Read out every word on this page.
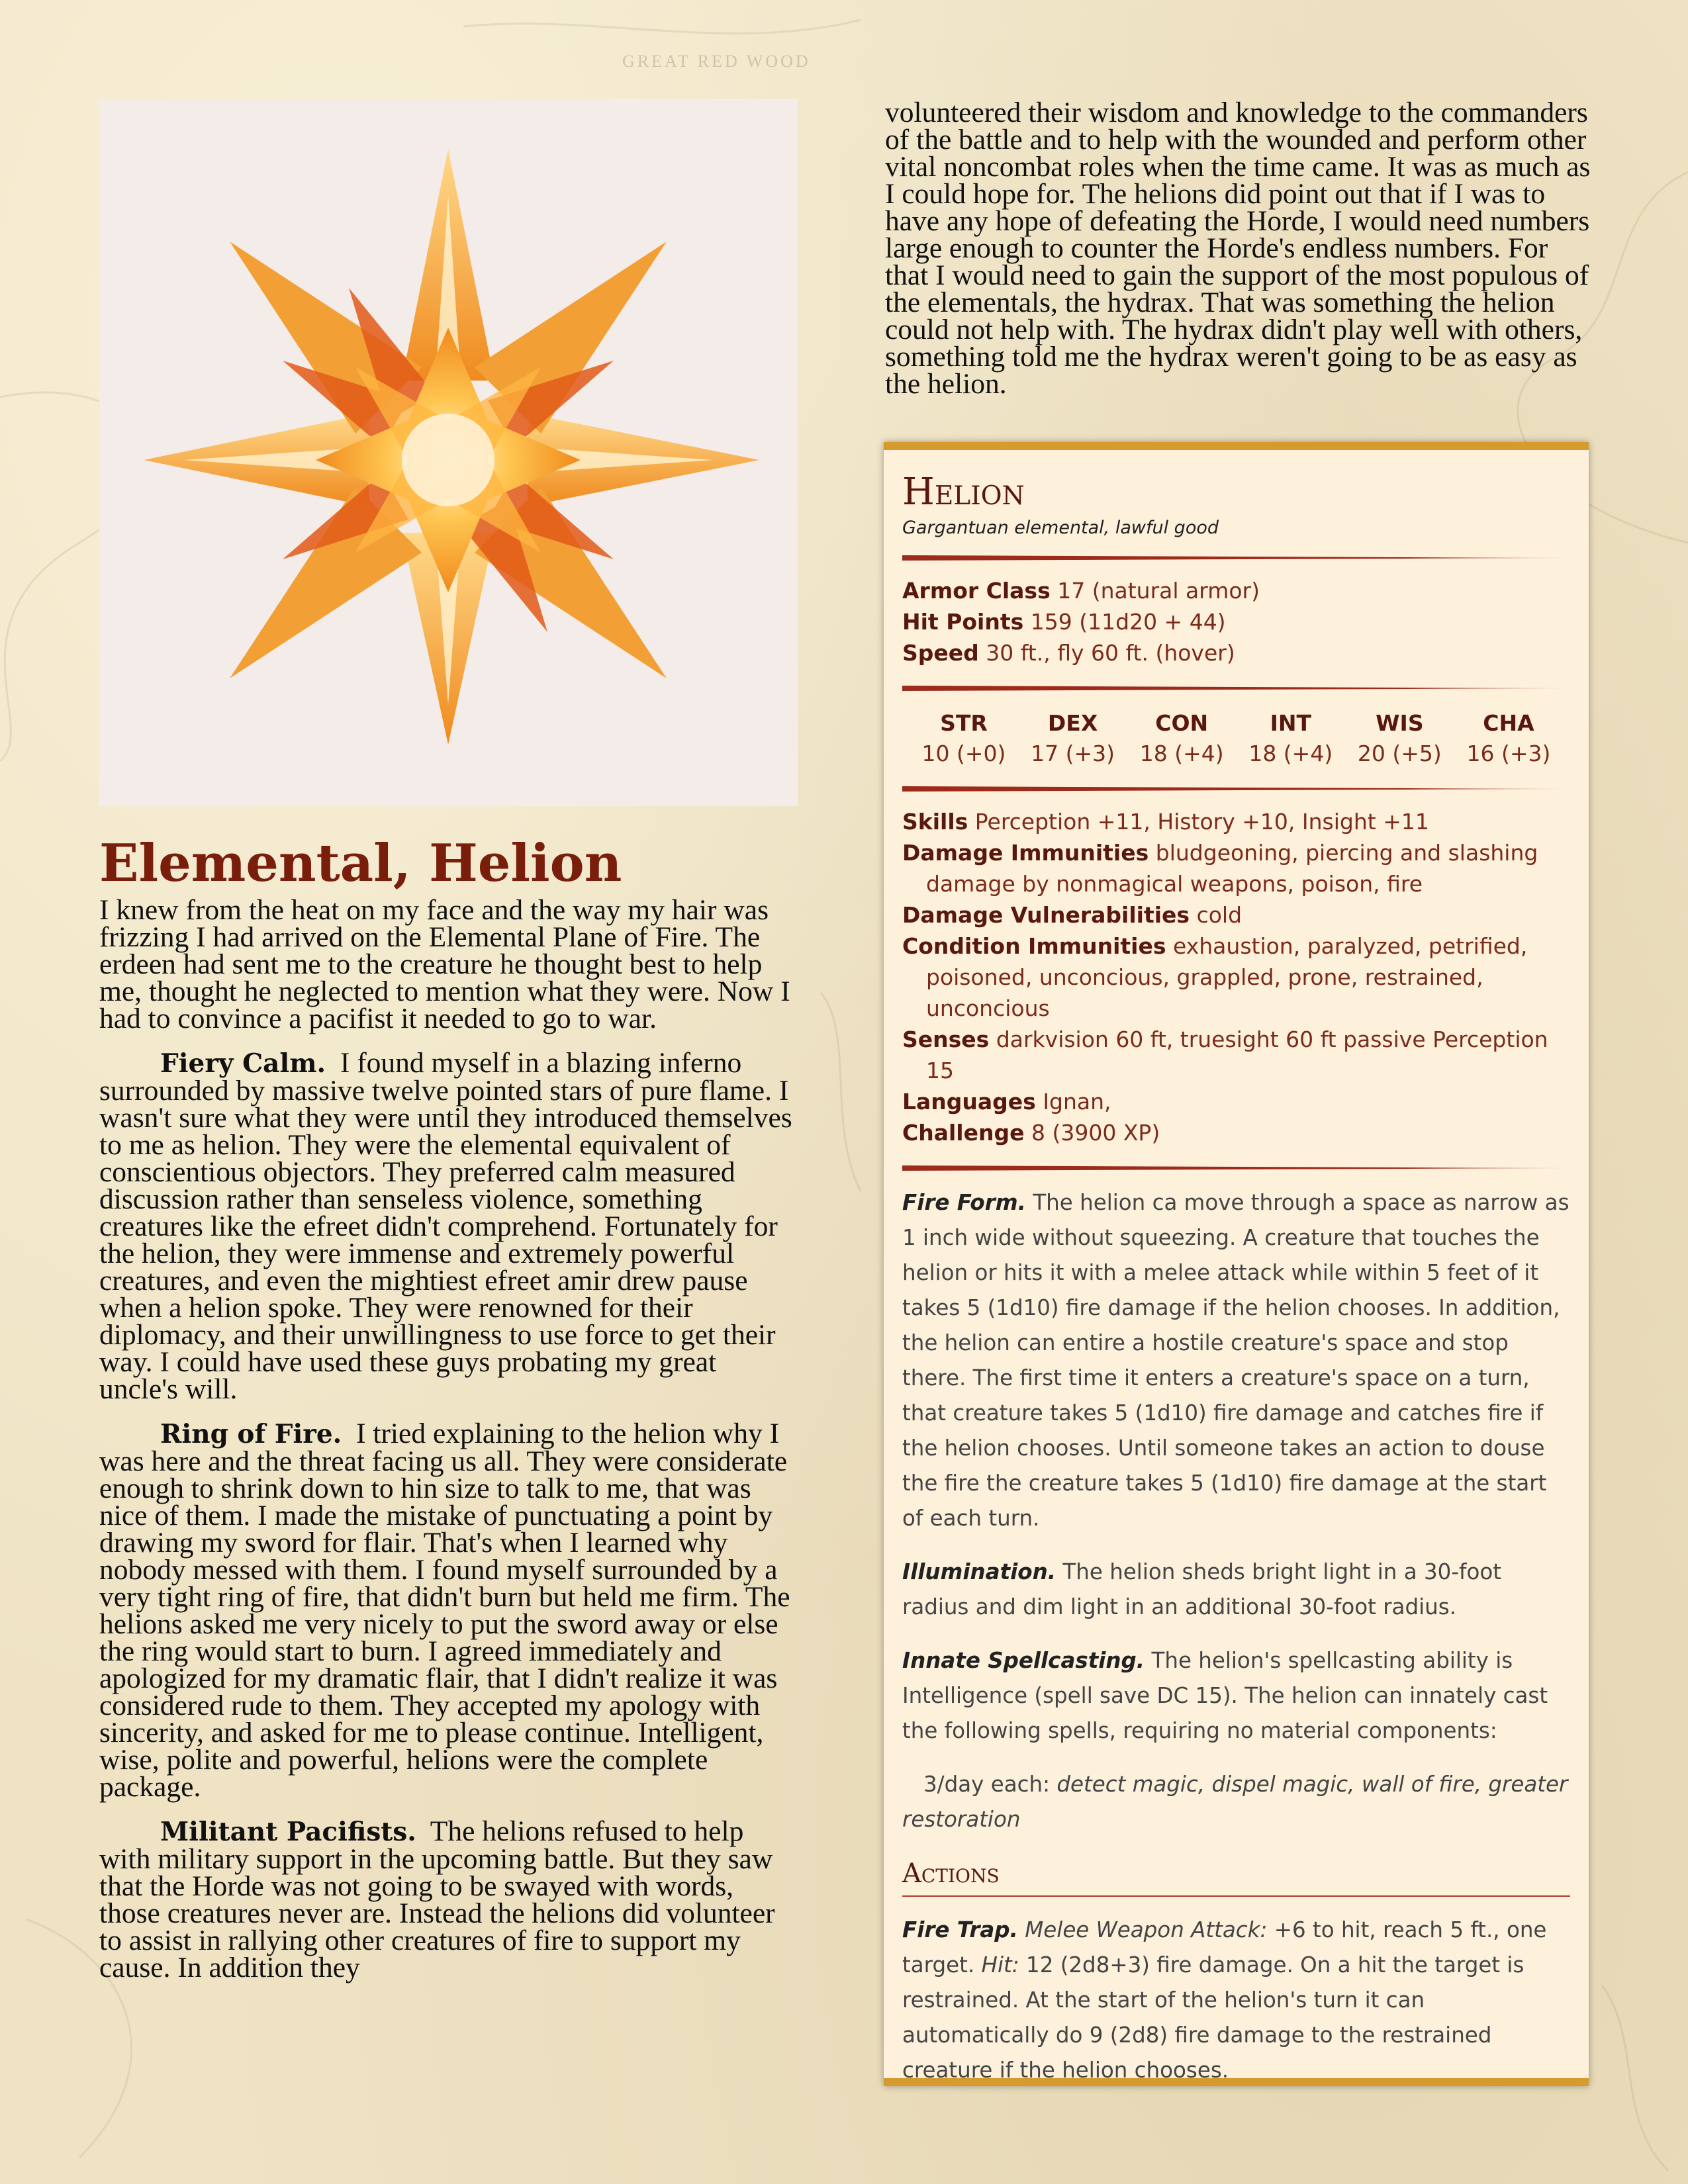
GREAT RED WOOD
Elemental, Helion

I knew from the heat on my face and the way my hair was frizzing I had arrived on the Elemental Plane of Fire. The erdeen had sent me to the creature he thought best to help me, thought he neglected to mention what they were. Now I had to convince a pacifist it needed to go to war.

Fiery Calm. I found myself in a blazing inferno surrounded by massive twelve pointed stars of pure flame. I wasn't sure what they were until they introduced themselves to me as helion. They were the elemental equivalent of conscientious objectors. They preferred calm measured discussion rather than senseless violence, something creatures like the efreet didn't comprehend. Fortunately for the helion, they were immense and extremely powerful creatures, and even the mightiest efreet amir drew pause when a helion spoke. They were renowned for their diplomacy, and their unwillingness to use force to get their way. I could have used these guys probating my great uncle's will.

Ring of Fire. I tried explaining to the helion why I was here and the threat facing us all. They were considerate enough to shrink down to hin size to talk to me, that was nice of them. I made the mistake of punctuating a point by drawing my sword for flair. That's when I learned why nobody messed with them. I found myself surrounded by a very tight ring of fire, that didn't burn but held me firm. The helions asked me very nicely to put the sword away or else the ring would start to burn. I agreed immediately and apologized for my dramatic flair, that I didn't realize it was considered rude to them. They accepted my apology with sincerity, and asked for me to please continue. Intelligent, wise, polite and powerful, helions were the complete package.

Militant Pacifists. The helions refused to help with military support in the upcoming battle. But they saw that the Horde was not going to be swayed with words, those creatures never are. Instead the helions did volunteer to assist in rallying other creatures of fire to support my cause. In addition they

volunteered their wisdom and knowledge to the commanders of the battle and to help with the wounded and perform other vital noncombat roles when the time came. It was as much as I could hope for. The helions did point out that if I was to have any hope of defeating the Horde, I would need numbers large enough to counter the Horde's endless numbers. For that I would need to gain the support of the most populous of the elementals, the hydrax. That was something the helion could not help with. The hydrax didn't play well with others, something told me the hydrax weren't going to be as easy as the helion.

Helion
Gargantuan elemental, lawful good

Armor Class 17 (natural armor)

Hit Points 159 (11d20 + 44)

Speed 30 ft., fly 60 ft. (hover)

STR
10 (+0)
DEX
17 (+3)
CON
18 (+4)
INT
18 (+4)
WIS
20 (+5)
CHA
16 (+3)

Skills Perception +11, History +10, Insight +11

Damage Immunities bludgeoning, piercing and slashing damage by nonmagical weapons, poison, fire

Damage Vulnerabilities cold

Condition Immunities exhaustion, paralyzed, petrified, poisoned, unconcious, grappled, prone, restrained, unconcious

Senses darkvision 60 ft, truesight 60 ft passive Perception 15

Languages Ignan,

Challenge 8 (3900 XP)

Fire Form. The helion ca move through a space as narrow as 1 inch wide without squeezing. A creature that touches the helion or hits it with a melee attack while within 5 feet of it takes 5 (1d10) fire damage if the helion chooses. In addition, the helion can entire a hostile creature's space and stop there. The first time it enters a creature's space on a turn, that creature takes 5 (1d10) fire damage and catches fire if the helion chooses. Until someone takes an action to douse the fire the creature takes 5 (1d10) fire damage at the start of each turn.

Illumination. The helion sheds bright light in a 30-foot radius and dim light in an additional 30-foot radius.

Innate Spellcasting. The helion's spellcasting ability is Intelligence (spell save DC 15). The helion can innately cast the following spells, requiring no material components:

3/day each: detect magic, dispel magic, wall of fire, greater restoration

Actions

Fire Trap. Melee Weapon Attack: +6 to hit, reach 5 ft., one target. Hit: 12 (2d8+3) fire damage. On a hit the target is restrained. At the start of the helion's turn it can automatically do 9 (2d8) fire damage to the restrained creature if the helion chooses.
